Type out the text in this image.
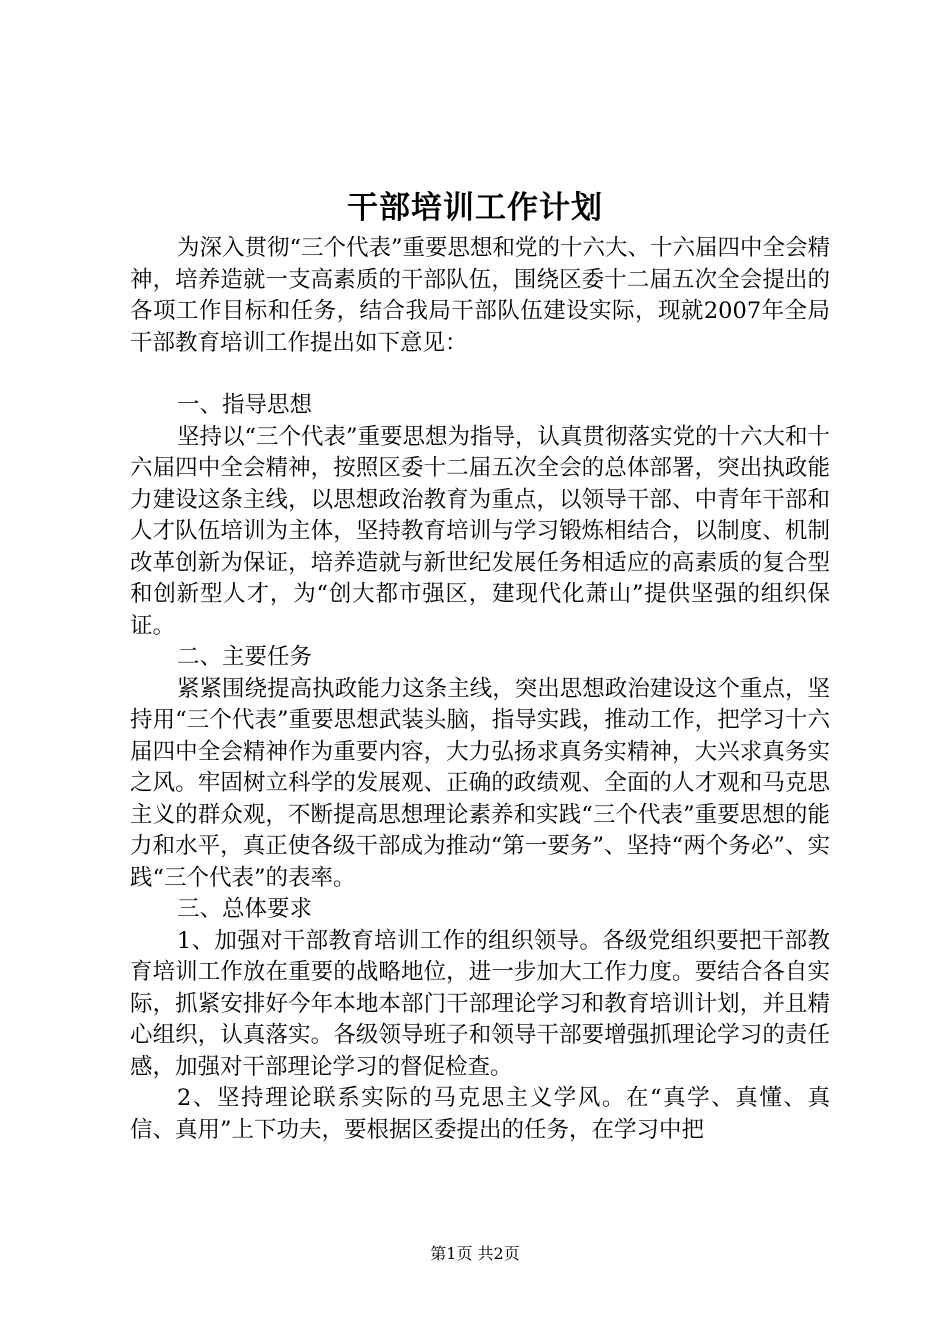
干部培训工作计划

为深入贯彻“三个代表”重要思想和党的十六大、十六届四中全会精神，培养造就一支高素质的干部队伍，围绕区委十二届五次全会提出的各项工作目标和任务，结合我局干部队伍建设实际，现就2007年全局干部教育培训工作提出如下意见：

一、指导思想

坚持以“三个代表”重要思想为指导，认真贯彻落实党的十六大和十六届四中全会精神，按照区委十二届五次全会的总体部署，突出执政能力建设这条主线，以思想政治教育为重点，以领导干部、中青年干部和人才队伍培训为主体，坚持教育培训与学习锻炼相结合，以制度、机制改革创新为保证，培养造就与新世纪发展任务相适应的高素质的复合型和创新型人才，为“创大都市强区，建现代化萧山”提供坚强的组织保证。

二、主要任务

紧紧围绕提高执政能力这条主线，突出思想政治建设这个重点，坚持用“三个代表”重要思想武装头脑，指导实践，推动工作，把学习十六届四中全会精神作为重要内容，大力弘扬求真务实精神，大兴求真务实之风。牢固树立科学的发展观、正确的政绩观、全面的人才观和马克思主义的群众观，不断提高思想理论素养和实践“三个代表”重要思想的能力和水平，真正使各级干部成为推动“第一要务”、坚持“两个务必”、实践“三个代表”的表率。

三、总体要求

1、加强对干部教育培训工作的组织领导。各级党组织要把干部教育培训工作放在重要的战略地位，进一步加大工作力度。要结合各自实际，抓紧安排好今年本地本部门干部理论学习和教育培训计划，并且精心组织，认真落实。各级领导班子和领导干部要增强抓理论学习的责任感，加强对干部理论学习的督促检查。

2、坚持理论联系实际的马克思主义学风。在“真学、真懂、真信、真用”上下功夫，要根据区委提出的任务，在学习中把

第1页 共2页
